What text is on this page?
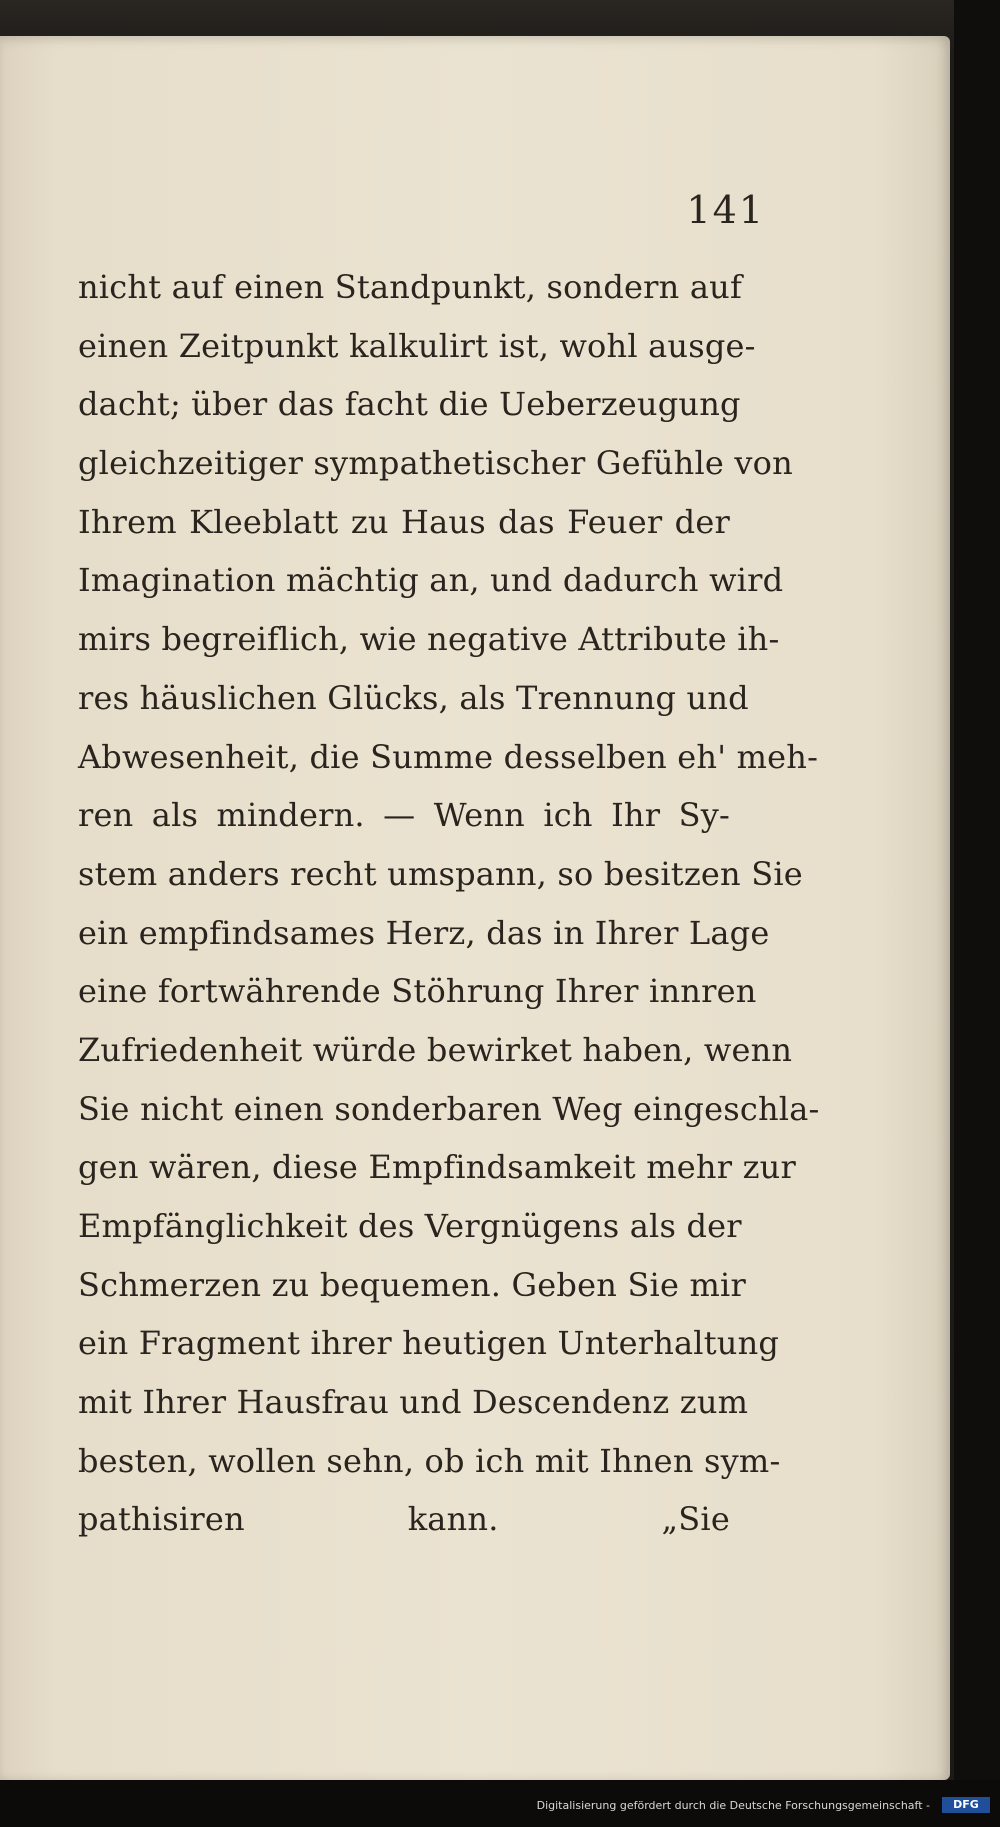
141
nicht auf einen Standpunkt, sondern auf
einen Zeitpunkt kalkulirt ist, wohl ausge-
dacht; über das facht die Ueberzeugung
gleichzeitiger sympathetischer Gefühle von
Ihrem Kleeblatt zu Haus das Feuer der
Imagination mächtig an, und dadurch wird
mirs begreiflich, wie negative Attribute ih-
res häuslichen Glücks, als Trennung und
Abwesenheit, die Summe desselben eh' meh-
ren als mindern. — Wenn ich Ihr Sy-
stem anders recht umspann, so besitzen Sie
ein empfindsames Herz, das in Ihrer Lage
eine fortwährende Stöhrung Ihrer innren
Zufriedenheit würde bewirket haben, wenn
Sie nicht einen sonderbaren Weg eingeschla-
gen wären, diese Empfindsamkeit mehr zur
Empfänglichkeit des Vergnügens als der
Schmerzen zu bequemen. Geben Sie mir
ein Fragment ihrer heutigen Unterhaltung
mit Ihrer Hausfrau und Descendenz zum
besten, wollen sehn, ob ich mit Ihnen sym-
pathisiren kann. „Sie
Digitalisierung gefördert durch die Deutsche Forschungsgemeinschaft -	DFG
